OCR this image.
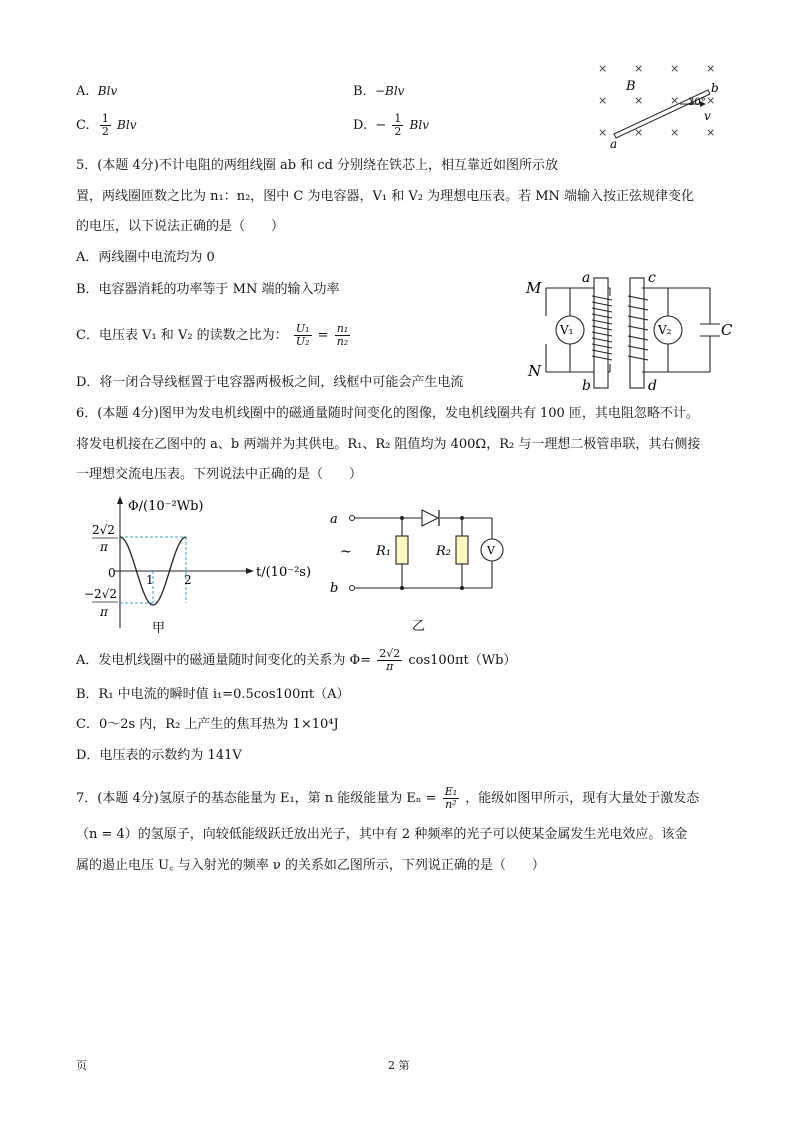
A. Blv	B. −Blv
C. $\frac{1}{2}$ Blv	D. − $\frac{1}{2}$ Blv
× × × ×
× × × ×
× × × ×
B
30°
b
v
a
5．(本题 4分)不计电阻的两组线圈 ab 和 cd 分别绕在铁芯上，相互靠近如图所示放
置，两线圈匝数之比为 n₁：n₂，图中 C 为电容器，V₁ 和 V₂ 为理想电压表。若 MN 端输入按正弦规律变化
的电压，以下说法正确的是（　　）
A．两线圈中电流均为 0
B．电容器消耗的功率等于 MN 端的输入功率
C．电压表 V₁ 和 V₂ 的读数之比为： $\frac{\text{U₁}}{\text{U₂}} = \frac{\text{n₁}}{\text{n₂}}$
D．将一闭合导线框置于电容器两极板之间，线框中可能会产生电流
V₁	V₂
M
N
a
b
c
d
C
6．(本题 4分)图甲为发电机线圈中的磁通量随时间变化的图像，发电机线圈共有 100 匝，其电阻忽略不计。
将发电机接在乙图中的 a、b 两端并为其供电。R₁、R₂ 阻值均为 400Ω，R₂ 与一理想二极管串联，其右侧接
一理想交流电压表。下列说法中正确的是（　　）
Φ/(10⁻²Wb)
t/(10⁻²s)
2√2
π
−2√2
π
0	1	2
甲
V
a
b
~ R₁	R₂
乙
A．发电机线圈中的磁通量随时间变化的关系为 $\Phi= \frac{2√2}{\pi} \cos 100\pi t(Wb)$
B．R₁ 中电流的瞬时值 i₁=0.5cos100πt（A）
C．0～2s 内，R₂ 上产生的焦耳热为 1×10⁴J
D．电压表的示数约为 141V
7．(本题 4分)氢原子的基态能量为 E₁，第 n 能级能量为 $E_n = \frac{\text{E₁}}{\text{n²}}$ ，能级如图甲所示，现有大量处于激发态
（n = 4）的氢原子，向较低能级跃迁放出光子，其中有 2 种频率的光子可以使某金属发生光电效应。该金
属的遏止电压 U꜀ 与入射光的频率 ν 的关系如乙图所示，下列说正确的是（　　）
页	2 第
